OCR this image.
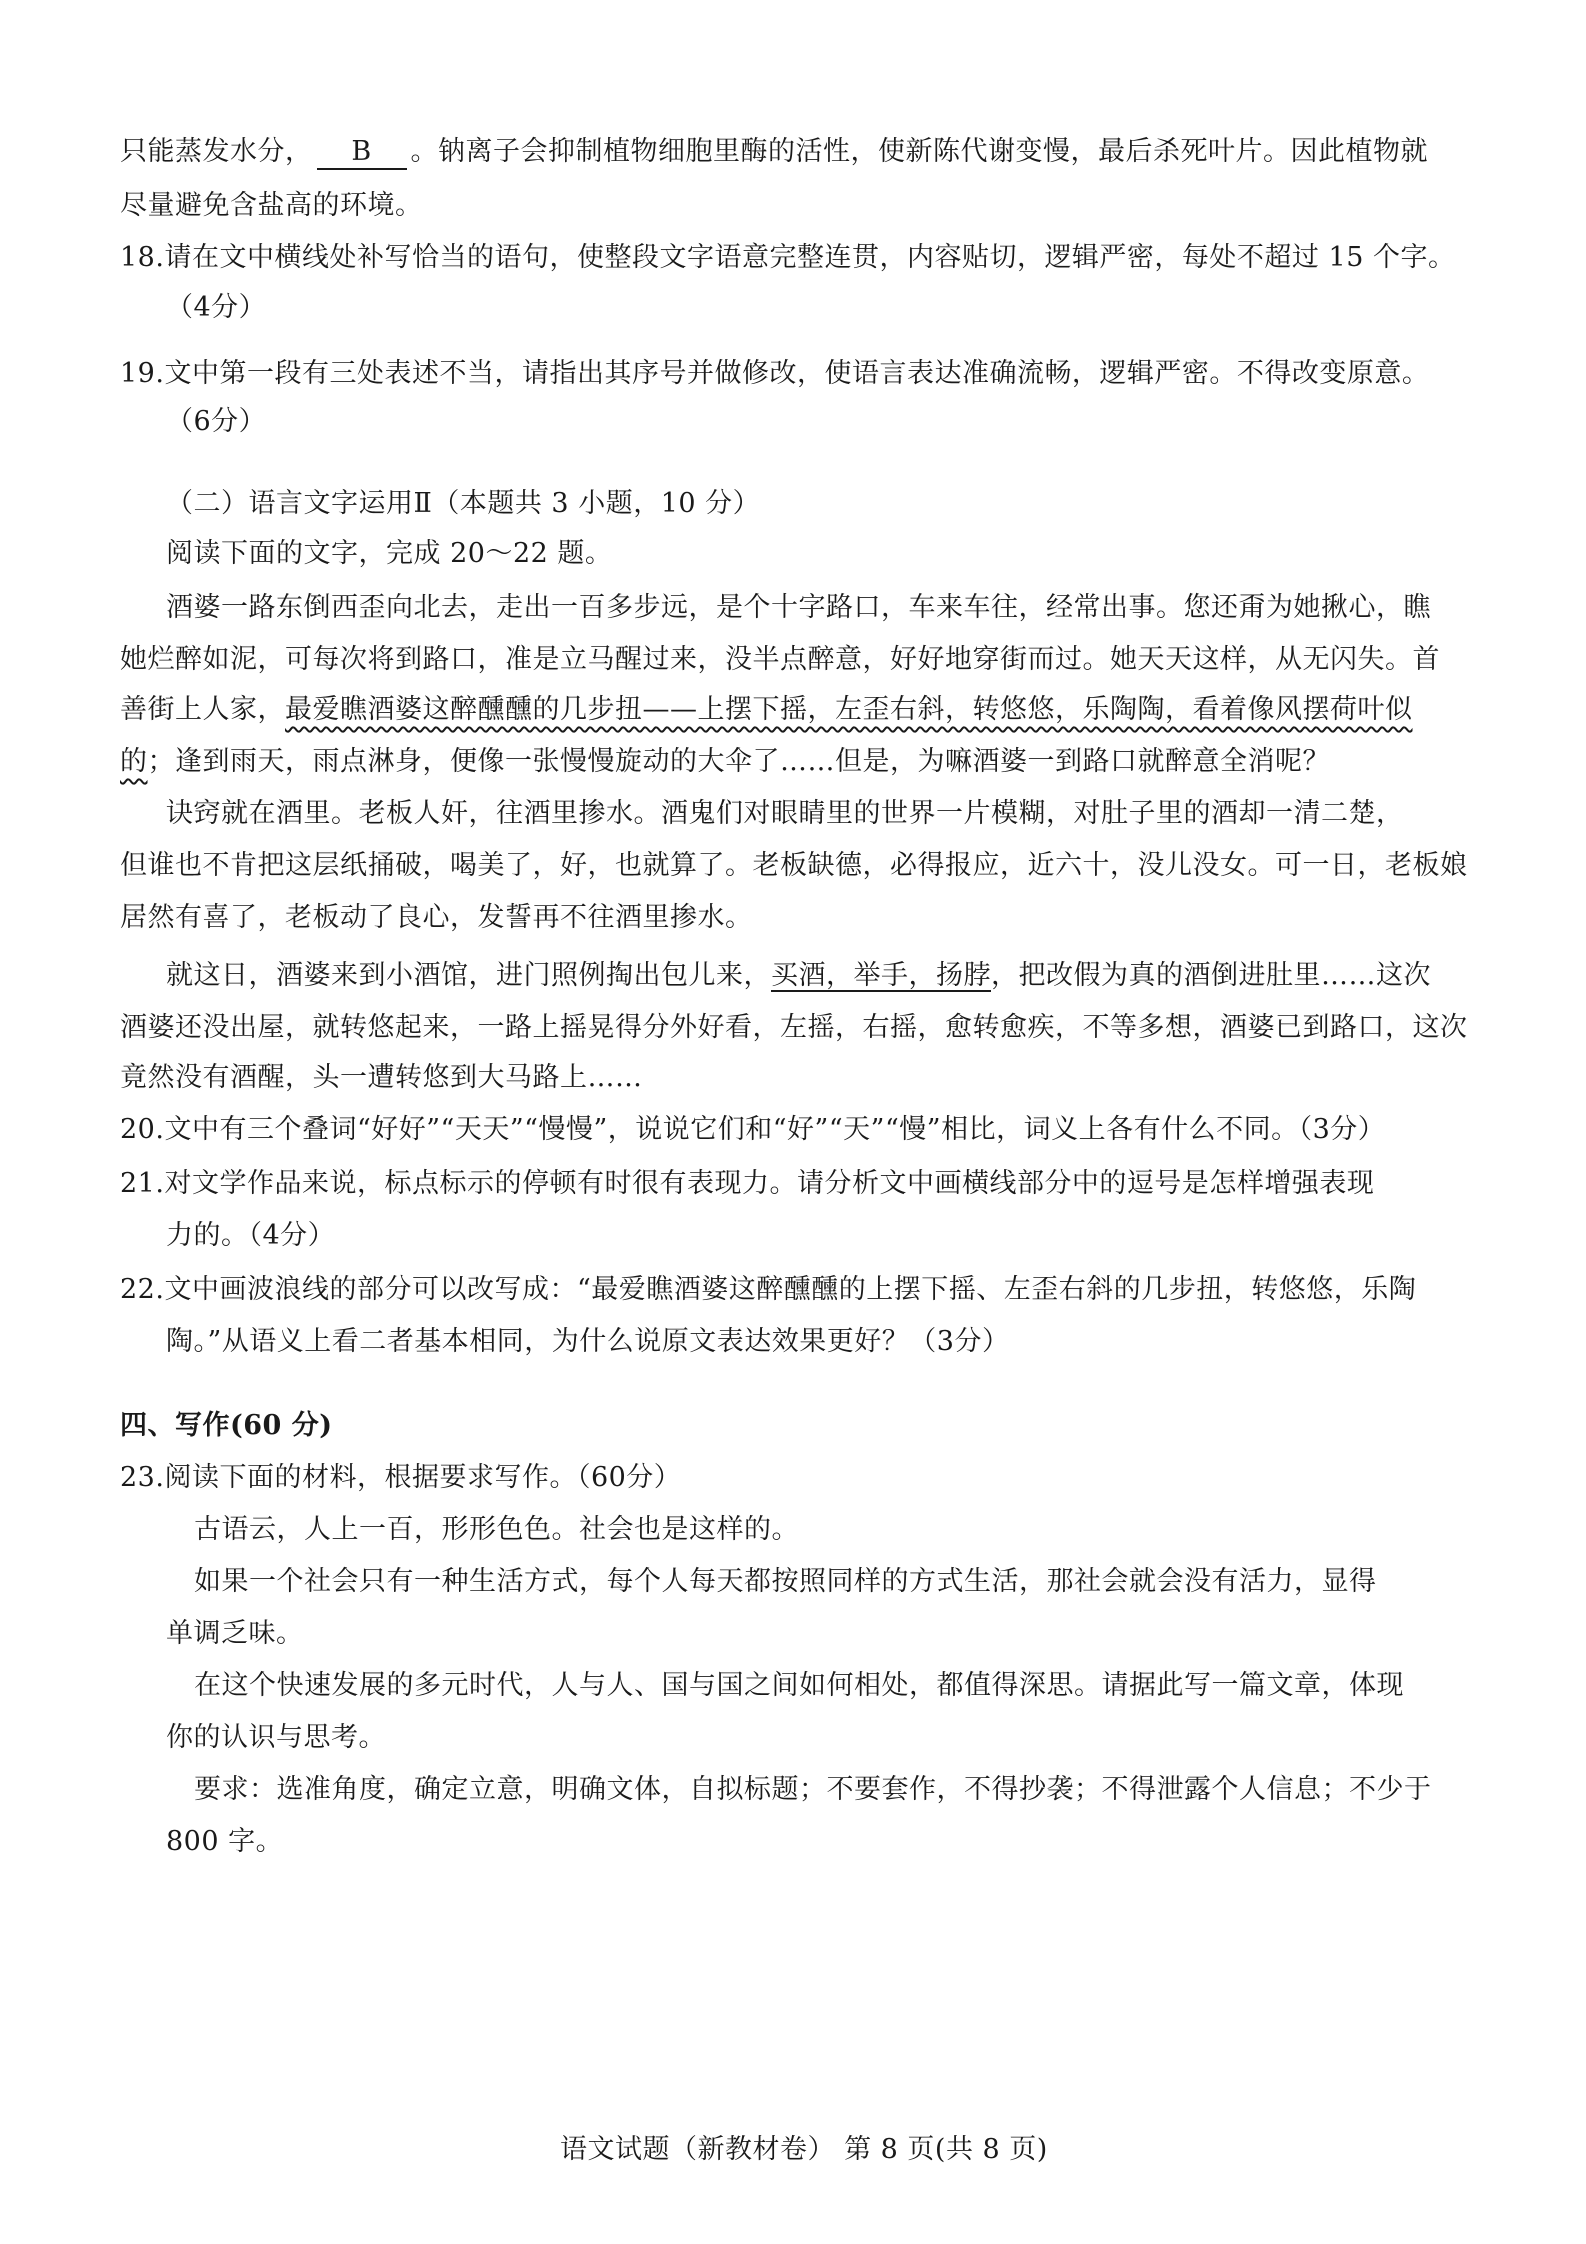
只能蒸发水分， B 。钠离子会抑制植物细胞里酶的活性，使新陈代谢变慢，最后杀死叶片。因此植物就
尽量避免含盐高的环境。
18.请在文中横线处补写恰当的语句，使整段文字语意完整连贯，内容贴切，逻辑严密，每处不超过 15 个字。
（4分）
19.文中第一段有三处表述不当，请指出其序号并做修改，使语言表达准确流畅，逻辑严密。不得改变原意。
（6分）
（二）语言文字运用Ⅱ（本题共 3 小题，10 分）
阅读下面的文字，完成 20～22 题。
酒婆一路东倒西歪向北去，走出一百多步远，是个十字路口，车来车往，经常出事。您还甭为她揪心，瞧
她烂醉如泥，可每次将到路口，准是立马醒过来，没半点醉意，好好地穿街而过。她天天这样，从无闪失。首
善街上人家，最爱瞧酒婆这醉醺醺的几步扭——上摆下摇，左歪右斜，转悠悠，乐陶陶，看着像风摆荷叶似
的；逢到雨天，雨点淋身，便像一张慢慢旋动的大伞了……但是，为嘛酒婆一到路口就醉意全消呢？
诀窍就在酒里。老板人奸，往酒里掺水。酒鬼们对眼睛里的世界一片模糊，对肚子里的酒却一清二楚，
但谁也不肯把这层纸捅破，喝美了，好，也就算了。老板缺德，必得报应，近六十，没儿没女。可一日，老板娘
居然有喜了，老板动了良心，发誓再不往酒里掺水。
就这日，酒婆来到小酒馆，进门照例掏出包儿来，买酒，举手，扬脖，把改假为真的酒倒进肚里……这次
酒婆还没出屋，就转悠起来，一路上摇晃得分外好看，左摇，右摇，愈转愈疾，不等多想，酒婆已到路口，这次
竟然没有酒醒，头一遭转悠到大马路上……
20.文中有三个叠词“好好”“天天”“慢慢”，说说它们和“好”“天”“慢”相比，词义上各有什么不同。（3分）
21.对文学作品来说，标点标示的停顿有时很有表现力。请分析文中画横线部分中的逗号是怎样增强表现
力的。（4分）
22.文中画波浪线的部分可以改写成：“最爱瞧酒婆这醉醺醺的上摆下摇、左歪右斜的几步扭，转悠悠，乐陶
陶。”从语义上看二者基本相同，为什么说原文表达效果更好？（3分）
四、写作(60 分)
23.阅读下面的材料，根据要求写作。（60分）
古语云，人上一百，形形色色。社会也是这样的。
如果一个社会只有一种生活方式，每个人每天都按照同样的方式生活，那社会就会没有活力，显得
单调乏味。
在这个快速发展的多元时代，人与人、国与国之间如何相处，都值得深思。请据此写一篇文章，体现
你的认识与思考。
要求：选准角度，确定立意，明确文体，自拟标题；不要套作，不得抄袭；不得泄露个人信息；不少于
800 字。
语文试题（新教材卷） 第 8 页(共 8 页)
